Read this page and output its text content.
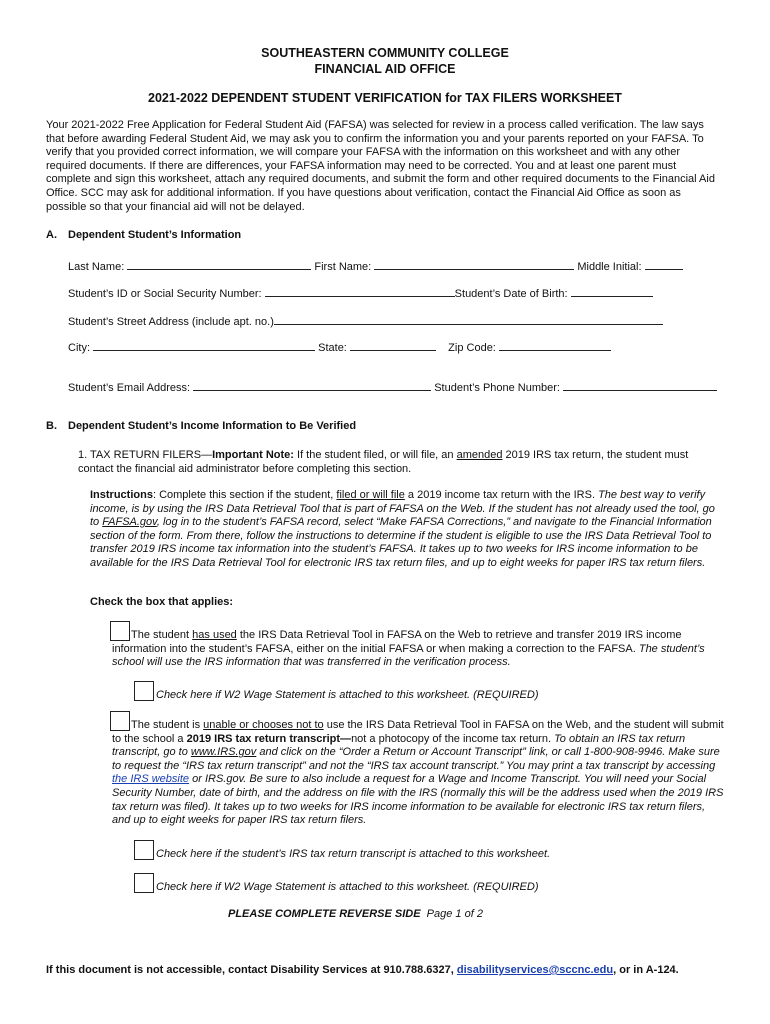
SOUTHEASTERN COMMUNITY COLLEGE
FINANCIAL AID OFFICE
2021-2022 DEPENDENT STUDENT VERIFICATION for TAX FILERS WORKSHEET
Your 2021-2022 Free Application for Federal Student Aid (FAFSA) was selected for review in a process called verification. The law says that before awarding Federal Student Aid, we may ask you to confirm the information you and your parents reported on your FAFSA. To verify that you provided correct information, we will compare your FAFSA with the information on this worksheet and with any other required documents. If there are differences, your FAFSA information may need to be corrected. You and at least one parent must complete and sign this worksheet, attach any required documents, and submit the form and other required documents to the Financial Aid Office. SCC may ask for additional information. If you have questions about verification, contact the Financial Aid Office as soon as possible so that your financial aid will not be delayed.
A. Dependent Student’s Information
Last Name:	First Name:	Middle Initial:
Student’s ID or Social Security Number:	Student’s Date of Birth:
Student’s Street Address (include apt. no.)
City:	State:	Zip Code:
Student’s Email Address:	Student’s Phone Number:
B. Dependent Student’s Income Information to Be Verified
1. TAX RETURN FILERS—Important Note: If the student filed, or will file, an amended 2019 IRS tax return, the student must contact the financial aid administrator before completing this section.
Instructions: Complete this section if the student, filed or will file a 2019 income tax return with the IRS. The best way to verify income, is by using the IRS Data Retrieval Tool that is part of FAFSA on the Web. If the student has not already used the tool, go to FAFSA.gov, log in to the student’s FAFSA record, select “Make FAFSA Corrections,” and navigate to the Financial Information section of the form. From there, follow the instructions to determine if the student is eligible to use the IRS Data Retrieval Tool to transfer 2019 IRS income tax information into the student’s FAFSA. It takes up to two weeks for IRS income information to be available for the IRS Data Retrieval Tool for electronic IRS tax return files, and up to eight weeks for paper IRS tax return filers.
Check the box that applies:
The student has used the IRS Data Retrieval Tool in FAFSA on the Web to retrieve and transfer 2019 IRS income information into the student’s FAFSA, either on the initial FAFSA or when making a correction to the FAFSA. The student’s school will use the IRS information that was transferred in the verification process.
Check here if W2 Wage Statement is attached to this worksheet. (REQUIRED)
The student is unable or chooses not to use the IRS Data Retrieval Tool in FAFSA on the Web, and the student will submit to the school a 2019 IRS tax return transcript—not a photocopy of the income tax return. To obtain an IRS tax return transcript, go to www.IRS.gov and click on the “Order a Return or Account Transcript” link, or call 1-800-908-9946. Make sure to request the “IRS tax return transcript” and not the “IRS tax account transcript.” You may print a tax transcript by accessing the IRS website or IRS.gov. Be sure to also include a request for a Wage and Income Transcript. You will need your Social Security Number, date of birth, and the address on file with the IRS (normally this will be the address used when the 2019 IRS tax return was filed). It takes up to two weeks for IRS income information to be available for electronic IRS tax return filers, and up to eight weeks for paper IRS tax return filers.
Check here if the student’s IRS tax return transcript is attached to this worksheet.
Check here if W2 Wage Statement is attached to this worksheet. (REQUIRED)
PLEASE COMPLETE REVERSE SIDE Page 1 of 2
If this document is not accessible, contact Disability Services at 910.788.6327, disabilityservices@sccnc.edu, or in A-124.
